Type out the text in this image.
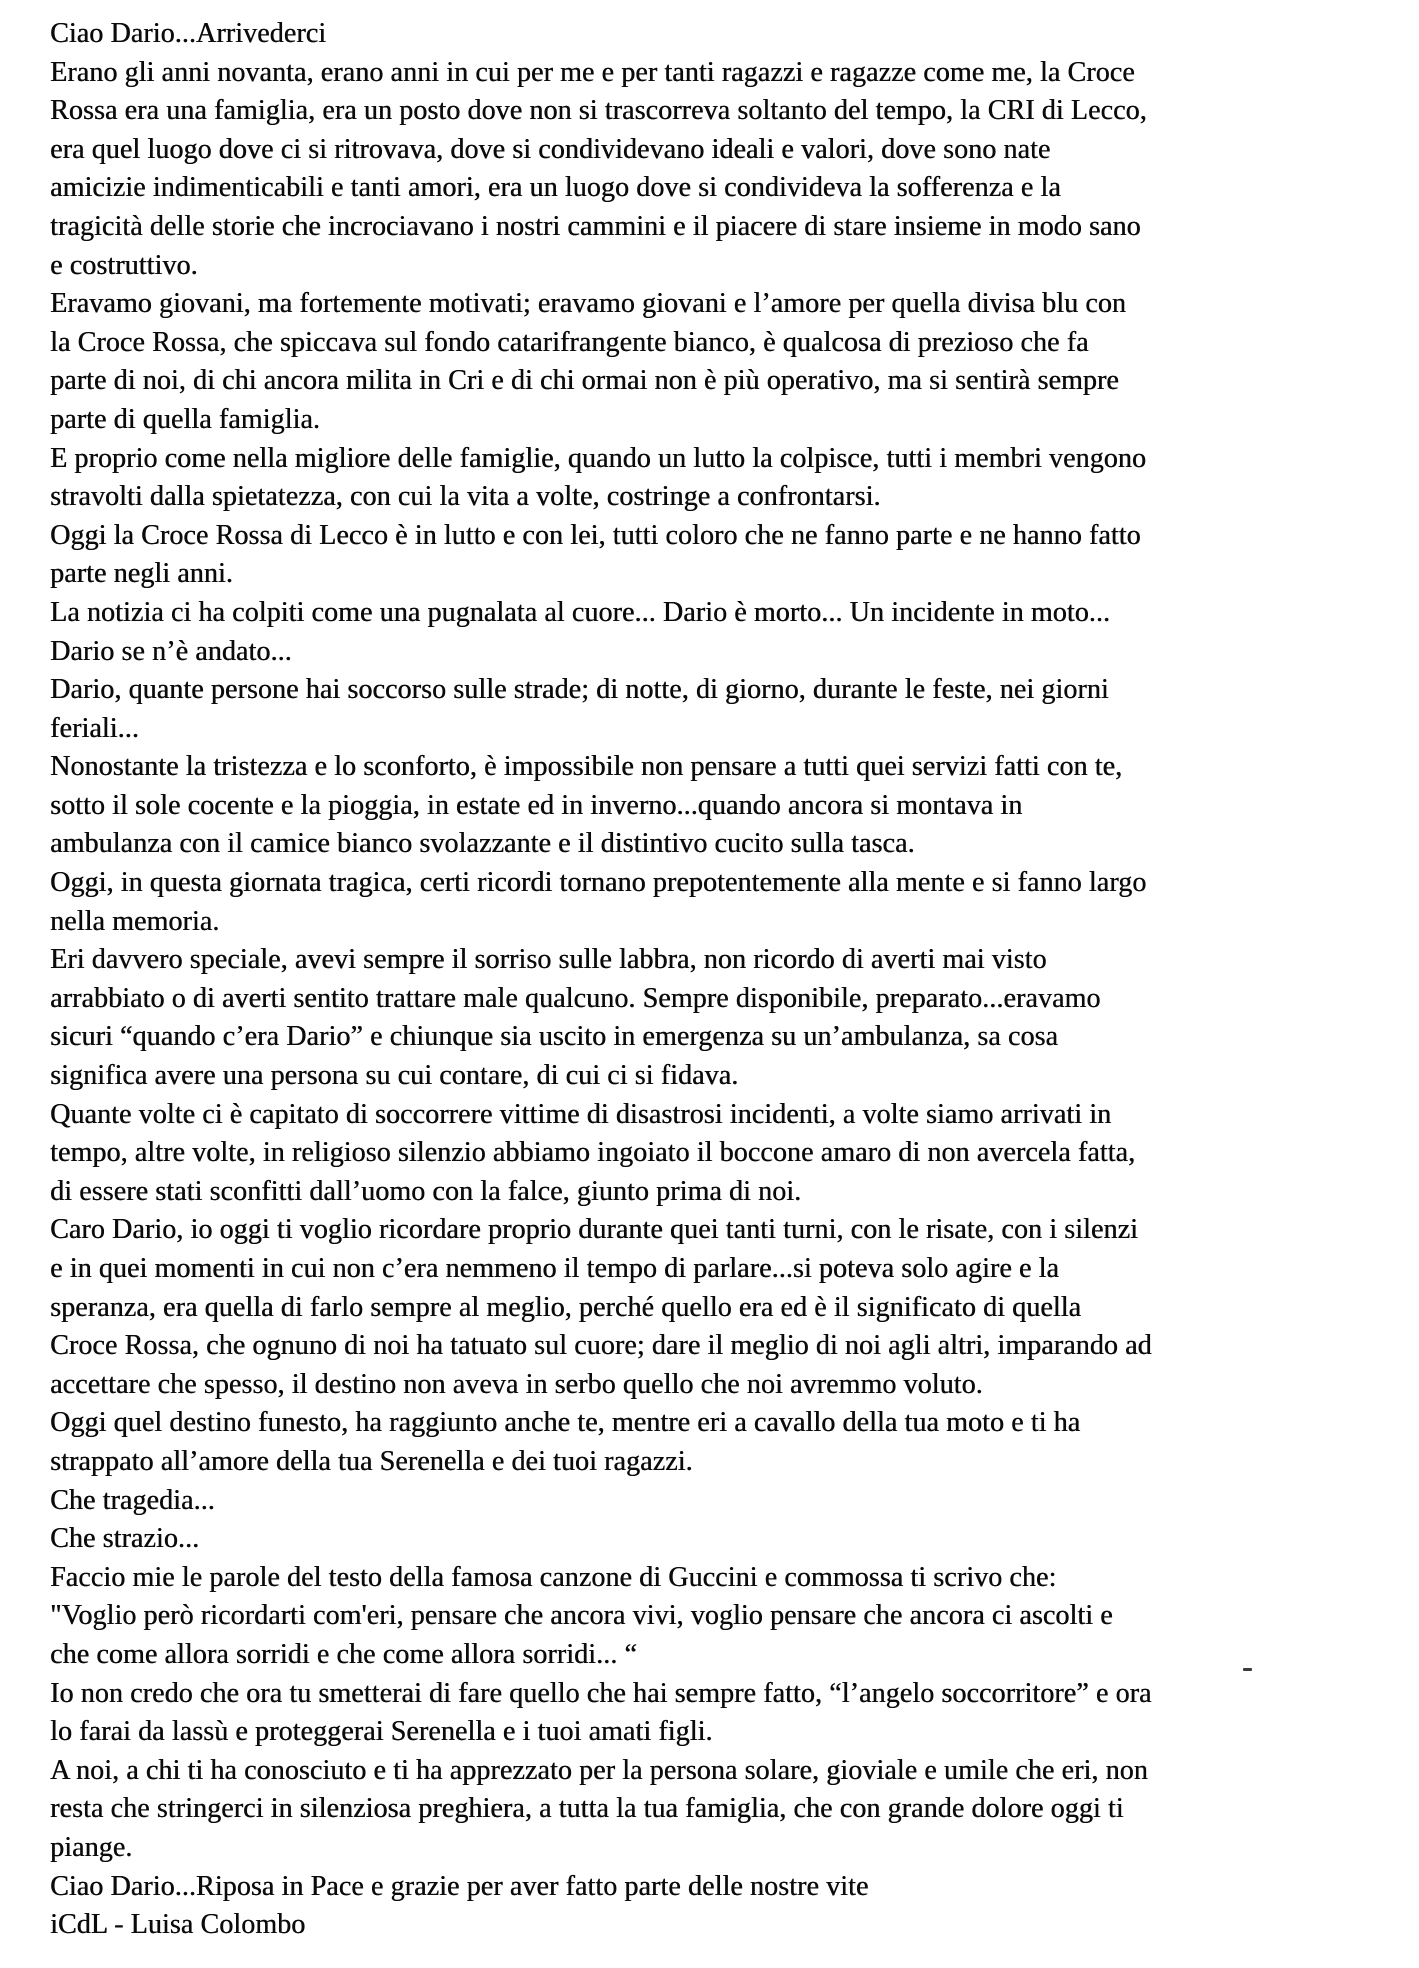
Ciao Dario...Arrivederci
Erano gli anni novanta, erano anni in cui per me e per tanti ragazzi e ragazze come me, la Croce
Rossa era una famiglia, era un posto dove non si trascorreva soltanto del tempo, la CRI di Lecco,
era quel luogo dove ci si ritrovava, dove si condividevano ideali e valori, dove sono nate
amicizie indimenticabili e tanti amori, era un luogo dove si condivideva la sofferenza e la
tragicità delle storie che incrociavano i nostri cammini e il piacere di stare insieme in modo sano
e costruttivo.
Eravamo giovani, ma fortemente motivati; eravamo giovani e l’amore per quella divisa blu con
la Croce Rossa, che spiccava sul fondo catarifrangente bianco, è qualcosa di prezioso che fa
parte di noi, di chi ancora milita in Cri e di chi ormai non è più operativo, ma si sentirà sempre
parte di quella famiglia.
E proprio come nella migliore delle famiglie, quando un lutto la colpisce, tutti i membri vengono
stravolti dalla spietatezza, con cui la vita a volte, costringe a confrontarsi.
Oggi la Croce Rossa di Lecco è in lutto e con lei, tutti coloro che ne fanno parte e ne hanno fatto
parte negli anni.
La notizia ci ha colpiti come una pugnalata al cuore... Dario è morto... Un incidente in moto...
Dario se n’è andato...
Dario, quante persone hai soccorso sulle strade; di notte, di giorno, durante le feste, nei giorni
feriali...
Nonostante la tristezza e lo sconforto, è impossibile non pensare a tutti quei servizi fatti con te,
sotto il sole cocente e la pioggia, in estate ed in inverno...quando ancora si montava in
ambulanza con il camice bianco svolazzante e il distintivo cucito sulla tasca.
Oggi, in questa giornata tragica, certi ricordi tornano prepotentemente alla mente e si fanno largo
nella memoria.
Eri davvero speciale, avevi sempre il sorriso sulle labbra, non ricordo di averti mai visto
arrabbiato o di averti sentito trattare male qualcuno. Sempre disponibile, preparato...eravamo
sicuri “quando c’era Dario” e chiunque sia uscito in emergenza su un’ambulanza, sa cosa
significa avere una persona su cui contare, di cui ci si fidava.
Quante volte ci è capitato di soccorrere vittime di disastrosi incidenti, a volte siamo arrivati in
tempo, altre volte, in religioso silenzio abbiamo ingoiato il boccone amaro di non avercela fatta,
di essere stati sconfitti dall’uomo con la falce, giunto prima di noi.
Caro Dario, io oggi ti voglio ricordare proprio durante quei tanti turni, con le risate, con i silenzi
e in quei momenti in cui non c’era nemmeno il tempo di parlare...si poteva solo agire e la
speranza, era quella di farlo sempre al meglio, perché quello era ed è il significato di quella
Croce Rossa, che ognuno di noi ha tatuato sul cuore; dare il meglio di noi agli altri, imparando ad
accettare che spesso, il destino non aveva in serbo quello che noi avremmo voluto.
Oggi quel destino funesto, ha raggiunto anche te, mentre eri a cavallo della tua moto e ti ha
strappato all’amore della tua Serenella e dei tuoi ragazzi.
Che tragedia...
Che strazio...
Faccio mie le parole del testo della famosa canzone di Guccini e commossa ti scrivo che:
"Voglio però ricordarti com'eri, pensare che ancora vivi, voglio pensare che ancora ci ascolti e
che come allora sorridi e che come allora sorridi... “
Io non credo che ora tu smetterai di fare quello che hai sempre fatto, “l’angelo soccorritore” e ora
lo farai da lassù e proteggerai Serenella e i tuoi amati figli.
A noi, a chi ti ha conosciuto e ti ha apprezzato per la persona solare, gioviale e umile che eri, non
resta che stringerci in silenziosa preghiera, a tutta la tua famiglia, che con grande dolore oggi ti
piange.
Ciao Dario...Riposa in Pace e grazie per aver fatto parte delle nostre vite
iCdL - Luisa Colombo
